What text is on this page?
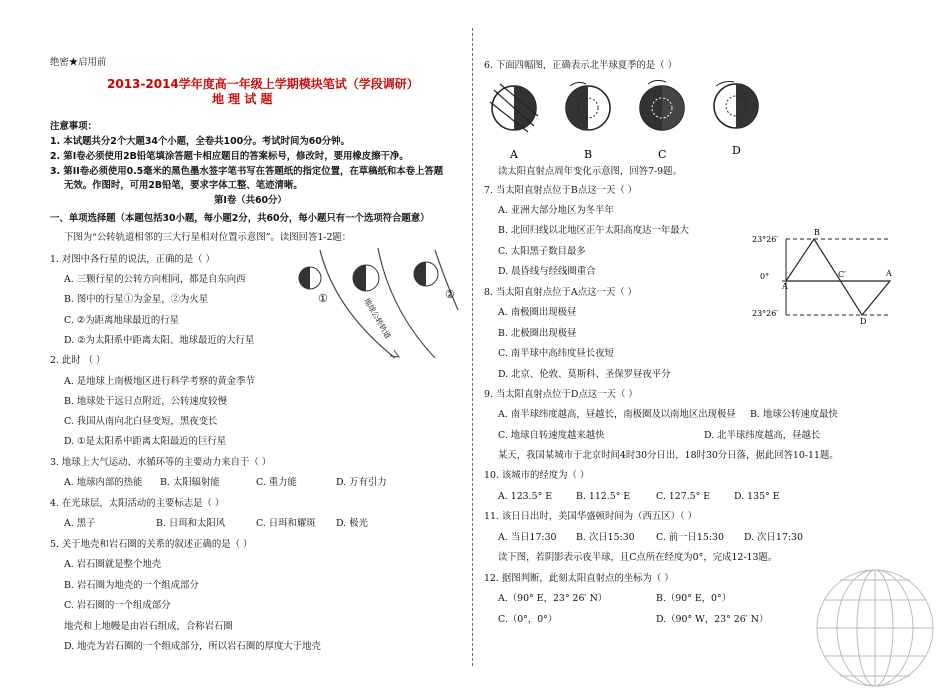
绝密★启用前
2013-2014学年度高一年级上学期模块笔试（学段调研）
地 理 试 题
注意事项：
1. 本试题共分2个大题34个小题，全卷共100分。考试时间为60分钟。
2. 第I卷必须使用2B铅笔填涂答题卡相应题目的答案标号，修改时，要用橡皮擦干净。
3. 第II卷必须使用0.5毫米的黑色墨水签字笔书写在答题纸的指定位置，在草稿纸和本卷上答题
无效。作图时，可用2B铅笔，要求字体工整、笔迹清晰。
第Ⅰ卷（共60分）
一、单项选择题（本题包括30小题，每小题2分，共60分，每小题只有一个选项符合题意）
下图为“公转轨道相邻的三大行星相对位置示意图”。读图回答1-2题：
①	②
地球公转轨道
1. 对图中各行星的说法，正确的是（ ）
A. 三颗行星的公转方向相同，都是自东向西
B. 图中的行星①为金星，②为火星
C. ②为距离地球最近的行星
D. ②为太阳系中距离太阳、地球最近的大行星
2. 此时 （ ）
A. 是地球上南极地区进行科学考察的黄金季节
B. 地球处于远日点附近，公转速度较慢
C. 我国从南向北白昼变短，黑夜变长
D. ①是太阳系中距离太阳最近的巨行星
3. 地球上大气运动、水循环等的主要动力来自于（ ）
A. 地球内部的热能 B. 太阳辐射能	C. 重力能	D. 万有引力
4. 在光球层，太阳活动的主要标志是（ ）
A. 黑子	B. 日珥和太阳风	C. 日珥和耀斑 D. 极光
5. 关于地壳和岩石圈的关系的叙述正确的是（ ）
A. 岩石圈就是整个地壳
B. 岩石圈为地壳的一个组成部分
C. 岩石圈的一个组成部分
地壳和上地幔是由岩石组成，合称岩石圈
D. 地壳为岩石圈的一个组成部分，所以岩石圈的厚度大于地壳
6. 下面四幅图，正确表示北半球夏季的是（ ）
A	B	C	D
读太阳直射点周年变化示意图，回答7-9题。
7. 当太阳直射点位于B点这一天（ ）
A. 亚洲大部分地区为冬半年
B. 北回归线以北地区正午太阳高度达一年最大
C. 太阳黑子数目最多
D. 晨昏线与经线圈重合
23°26′
0°
23°26′
B
A
C′	A
D
8. 当太阳直射点位于A点这一天（ ）
A. 南极圈出现极昼
B. 北极圈出现极昼
C. 南半球中高纬度昼长夜短
D. 北京、伦敦、莫斯科、圣保罗昼夜平分
9. 当太阳直射点位于D点这一天（ ）
A. 南半球纬度越高，昼越长，南极圈及以南地区出现极昼 B. 地球公转速度最快
C. 地球自转速度越来越快	D. 北半球纬度越高，昼越长
某天，我国某城市于北京时间4时30分日出，18时30分日落，据此回答10-11题。
10. 该城市的经度为（ ）
A. 123.5° E	B. 112.5° E	C. 127.5° E	D. 135° E
11. 该日日出时，美国华盛顿时间为（西五区）（ ）
A. 当日17:30 B. 次日15:30 C. 前一日15:30 D. 次日17:30
读下图，若阴影表示夜半球，且C点所在经度为0°，完成12-13题。
12. 据图判断，此刻太阳直射点的坐标为（ ）
A.（90° E，23° 26′ N）	B.（90° E，0°）
C.（0°，0°）	D.（90° W，23° 26′ N）
